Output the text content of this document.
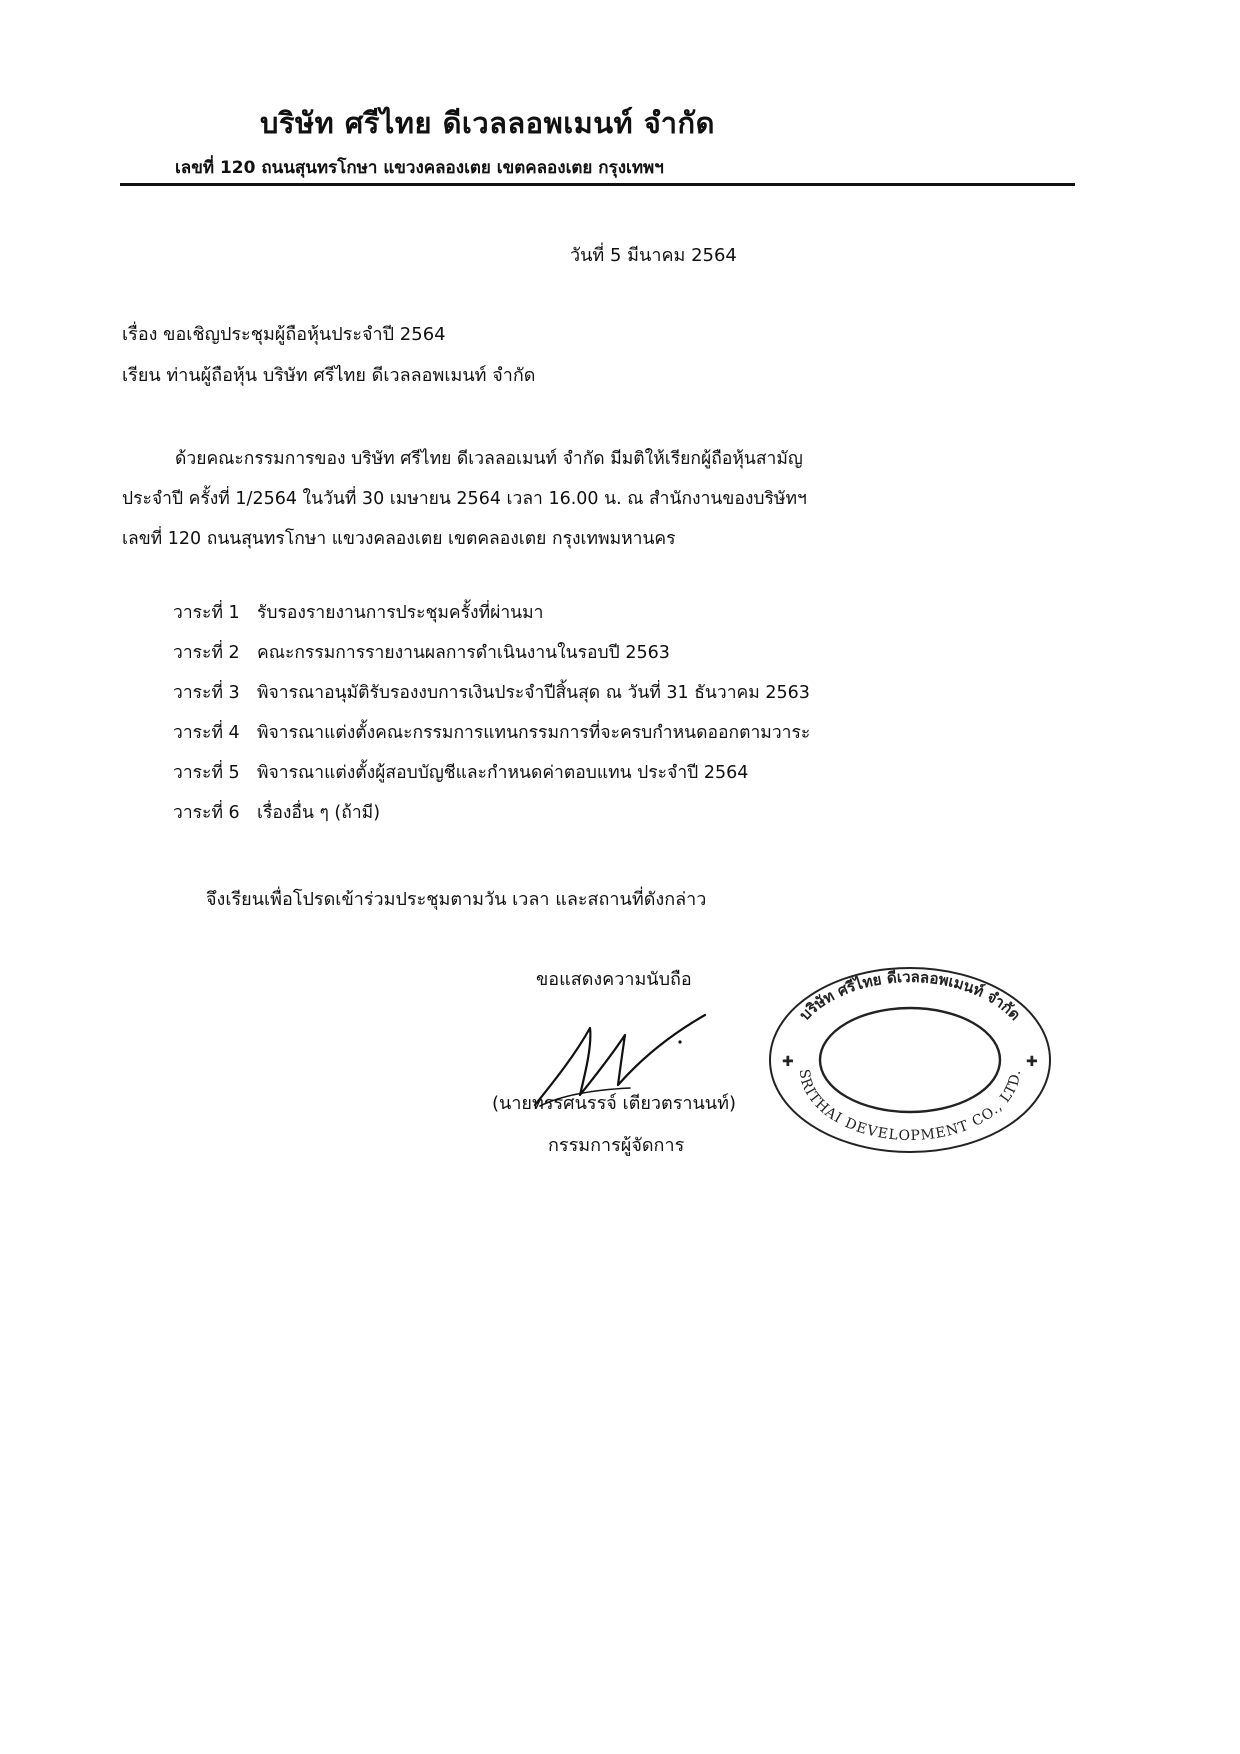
บริษัท ศรีไทย ดีเวลลอพเมนท์ จำกัด
เลขที่ 120 ถนนสุนทรโกษา แขวงคลองเตย เขตคลองเตย กรุงเทพฯ
วันที่ 5 มีนาคม 2564
เรื่อง ขอเชิญประชุมผู้ถือหุ้นประจำปี 2564
เรียน ท่านผู้ถือหุ้น บริษัท ศรีไทย ดีเวลลอพเมนท์ จำกัด
ด้วยคณะกรรมการของ บริษัท ศรีไทย ดีเวลลอเมนท์ จำกัด มีมติให้เรียกผู้ถือหุ้นสามัญ
ประจำปี ครั้งที่ 1/2564 ในวันที่ 30 เมษายน 2564 เวลา 16.00 น. ณ สำนักงานของบริษัทฯ
เลขที่ 120 ถนนสุนทรโกษา แขวงคลองเตย เขตคลองเตย กรุงเทพมหานคร
วาระที่ 1 รับรองรายงานการประชุมครั้งที่ผ่านมา
วาระที่ 2 คณะกรรมการรายงานผลการดำเนินงานในรอบปี 2563
วาระที่ 3 พิจารณาอนุมัติรับรองงบการเงินประจำปีสิ้นสุด ณ วันที่ 31 ธันวาคม 2563
วาระที่ 4 พิจารณาแต่งตั้งคณะกรรมการแทนกรรมการที่จะครบกำหนดออกตามวาระ
วาระที่ 5 พิจารณาแต่งตั้งผู้สอบบัญชีและกำหนดค่าตอบแทน ประจำปี 2564
วาระที่ 6 เรื่องอื่น ๆ (ถ้ามี)
จึงเรียนเพื่อโปรดเข้าร่วมประชุมตามวัน เวลา และสถานที่ดังกล่าว
ขอแสดงความนับถือ
บริษัท ศรีไทย ดีเวลลอพเมนท์ จำกัด
SRITHAI DEVELOPMENT CO., LTD.
✚	✚
(นายทรรศนรรจ์ เตียวตรานนท์)
กรรมการผู้จัดการ
